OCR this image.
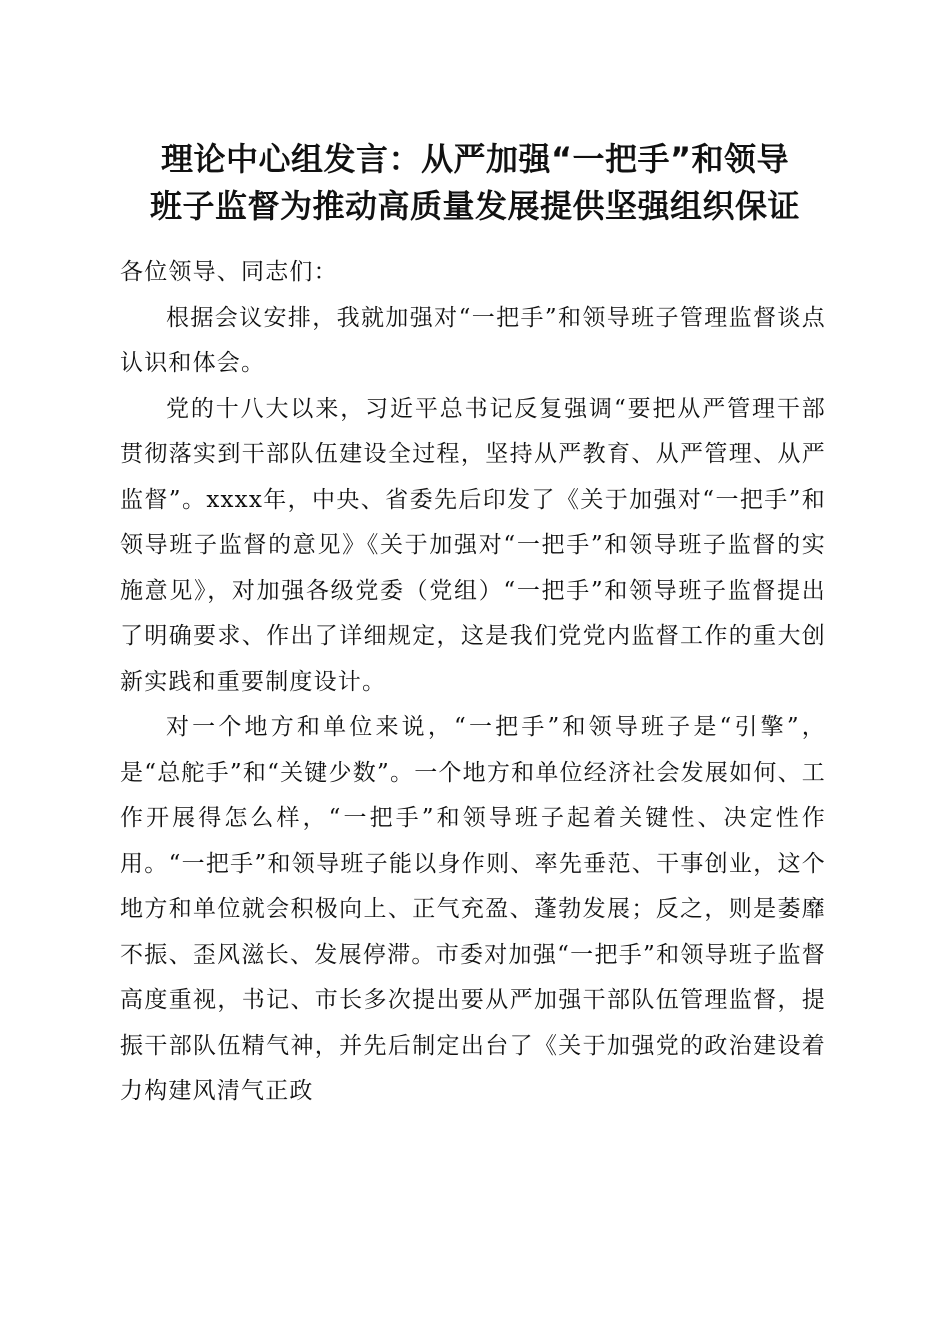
理论中心组发言：从严加强“一把手”和领导
班子监督为推动高质量发展提供坚强组织保证

各位领导、同志们：

根据会议安排，我就加强对“一把手”和领导班子管理监督谈点认识和体会。

党的十八大以来，习近平总书记反复强调“要把从严管理干部贯彻落实到干部队伍建设全过程，坚持从严教育、从严管理、从严监督”。xxxx年，中央、省委先后印发了《关于加强对“一把手”和领导班子监督的意见》《关于加强对“一把手”和领导班子监督的实施意见》，对加强各级党委（党组）“一把手”和领导班子监督提出了明确要求、作出了详细规定，这是我们党党内监督工作的重大创新实践和重要制度设计。

对一个地方和单位来说，“一把手”和领导班子是“引擎”，是“总舵手”和“关键少数”。一个地方和单位经济社会发展如何、工作开展得怎么样，“一把手”和领导班子起着关键性、决定性作用。“一把手”和领导班子能以身作则、率先垂范、干事创业，这个地方和单位就会积极向上、正气充盈、蓬勃发展；反之，则是萎靡不振、歪风滋长、发展停滞。市委对加强“一把手”和领导班子监督高度重视，书记、市长多次提出要从严加强干部队伍管理监督，提振干部队伍精气神，并先后制定出台了《关于加强党的政治建设着力构建风清气正政
